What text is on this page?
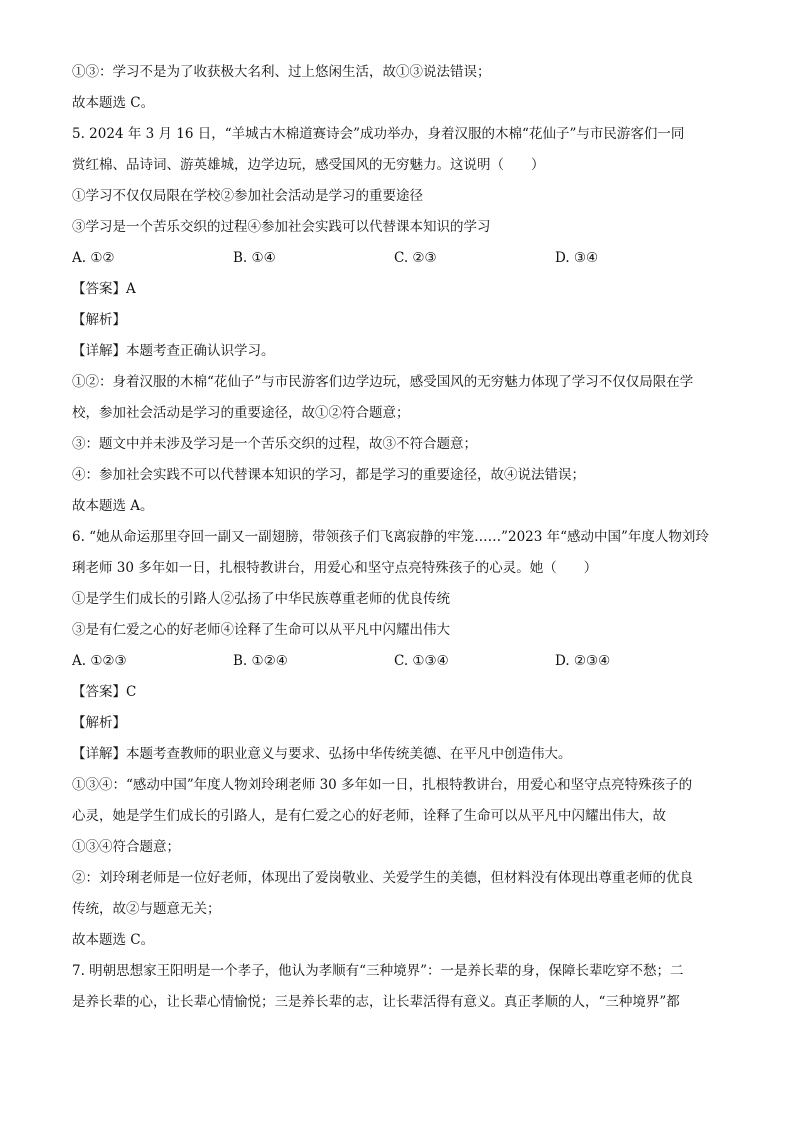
①③：学习不是为了收获极大名利、过上悠闲生活，故①③说法错误；
故本题选 C。
5. 2024 年 3 月 16 日，“羊城古木棉道赛诗会”成功举办，身着汉服的木棉“花仙子”与市民游客们一同
赏红棉、品诗词、游英雄城，边学边玩，感受国风的无穷魅力。这说明（　　）
①学习不仅仅局限在学校②参加社会活动是学习的重要途径
③学习是一个苦乐交织的过程④参加社会实践可以代替课本知识的学习
A. ①②	B. ①④	C. ②③	D. ③④
【答案】A
【解析】
【详解】本题考查正确认识学习。
①②：身着汉服的木棉“花仙子”与市民游客们边学边玩，感受国风的无穷魅力体现了学习不仅仅局限在学
校，参加社会活动是学习的重要途径，故①②符合题意；
③：题文中并未涉及学习是一个苦乐交织的过程，故③不符合题意；
④：参加社会实践不可以代替课本知识的学习，都是学习的重要途径，故④说法错误；
故本题选 A。
6. “她从命运那里夺回一副又一副翅膀，带领孩子们飞离寂静的牢笼……”2023 年“感动中国”年度人物刘玲
琍老师 30 多年如一日，扎根特教讲台，用爱心和坚守点亮特殊孩子的心灵。她（　　）
①是学生们成长的引路人②弘扬了中华民族尊重老师的优良传统
③是有仁爱之心的好老师④诠释了生命可以从平凡中闪耀出伟大
A. ①②③	B. ①②④	C. ①③④	D. ②③④
【答案】C
【解析】
【详解】本题考查教师的职业意义与要求、弘扬中华传统美德、在平凡中创造伟大。
①③④：“感动中国”年度人物刘玲琍老师 30 多年如一日，扎根特教讲台，用爱心和坚守点亮特殊孩子的
心灵，她是学生们成长的引路人，是有仁爱之心的好老师，诠释了生命可以从平凡中闪耀出伟大，故
①③④符合题意；
②：刘玲琍老师是一位好老师，体现出了爱岗敬业、关爱学生的美德，但材料没有体现出尊重老师的优良
传统，故②与题意无关；
故本题选 C。
7. 明朝思想家王阳明是一个孝子，他认为孝顺有“三种境界”：一是养长辈的身，保障长辈吃穿不愁；二
是养长辈的心，让长辈心情愉悦；三是养长辈的志，让长辈活得有意义。真正孝顺的人，“三种境界”都
